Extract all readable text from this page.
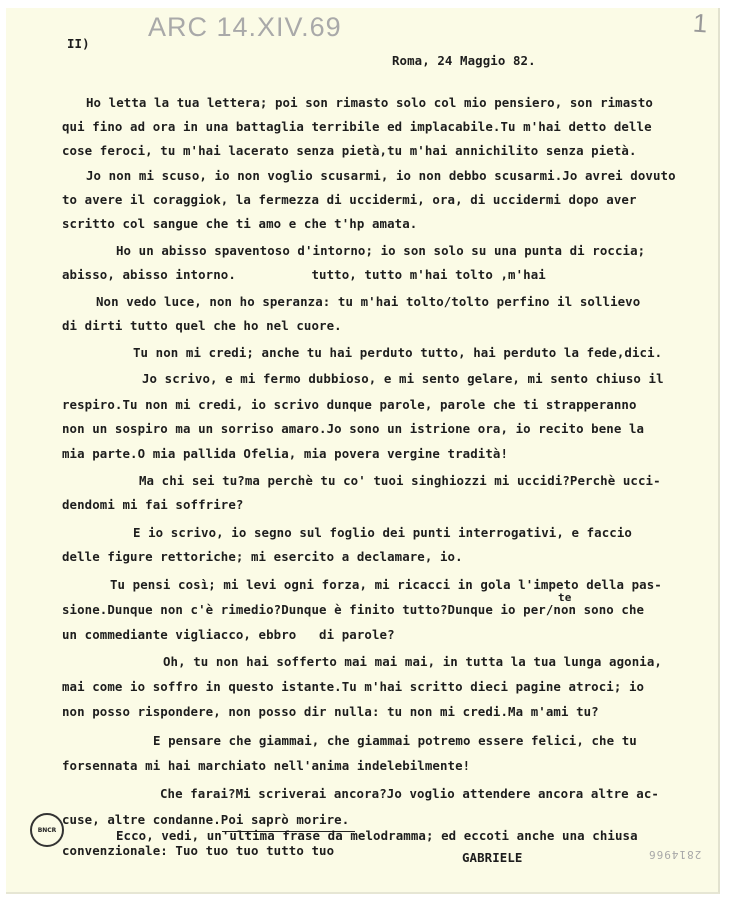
ARC 14.XIV.69	1
II)
Roma, 24 Maggio 82.
Ho letta la tua lettera; poi son rimasto solo col mio pensiero, son rimasto
qui fino ad ora in una battaglia terribile ed implacabile.Tu m'hai detto delle
cose feroci, tu m'hai lacerato senza pietà,tu m'hai annichilito senza pietà.
Jo non mi scuso, io non voglio scusarmi, io non debbo scusarmi.Jo avrei dovuto
to avere il coraggiok, la fermezza di uccidermi, ora, di uccidermi dopo aver
scritto col sangue che ti amo e che t'hp amata.
Ho un abisso spaventoso d'intorno; io son solo su una punta di roccia;
abisso, abisso intorno.          tutto, tutto m'hai tolto ,m'hai
Non vedo luce, non ho speranza: tu m'hai tolto/tolto perfino il sollievo
di dirti tutto quel che ho nel cuore.
Tu non mi credi; anche tu hai perduto tutto, hai perduto la fede,dici.
Jo scrivo, e mi fermo dubbioso, e mi sento gelare, mi sento chiuso il
respiro.Tu non mi credi, io scrivo dunque parole, parole che ti strapperanno
non un sospiro ma un sorriso amaro.Jo sono un istrione ora, io recito bene la
mia parte.O mia pallida Ofelia, mia povera vergine tradità!
Ma chi sei tu?ma perchè tu co' tuoi singhiozzi mi uccidi?Perchè ucci-
dendomi mi fai soffrire?
E io scrivo, io segno sul foglio dei punti interrogativi, e faccio
delle figure rettoriche; mi esercito a declamare, io.
Tu pensi così; mi levi ogni forza, mi ricacci in gola l'impeto della pas-
te
sione.Dunque non c'è rimedio?Dunque è finito tutto?Dunque io per/non sono che
un commediante vigliacco, ebbro   di parole?
Oh, tu non hai sofferto mai mai mai, in tutta la tua lunga agonia,
mai come io soffro in questo istante.Tu m'hai scritto dieci pagine atroci; io
non posso rispondere, non posso dir nulla: tu non mi credi.Ma m'ami tu?
E pensare che giammai, che giammai potremo essere felici, che tu
forsennata mi hai marchiato nell'anima indelebilmente!
Che farai?Mi scriverai ancora?Jo voglio attendere ancora altre ac-
cuse, altre condanne.Poi saprò morire.
Ecco, vedi, un'ultima frase da melodramma; ed eccoti anche una chiusa
convenzionale: Tuo tuo tuo tutto tuo	GABRIELE
BNCR
2814966
